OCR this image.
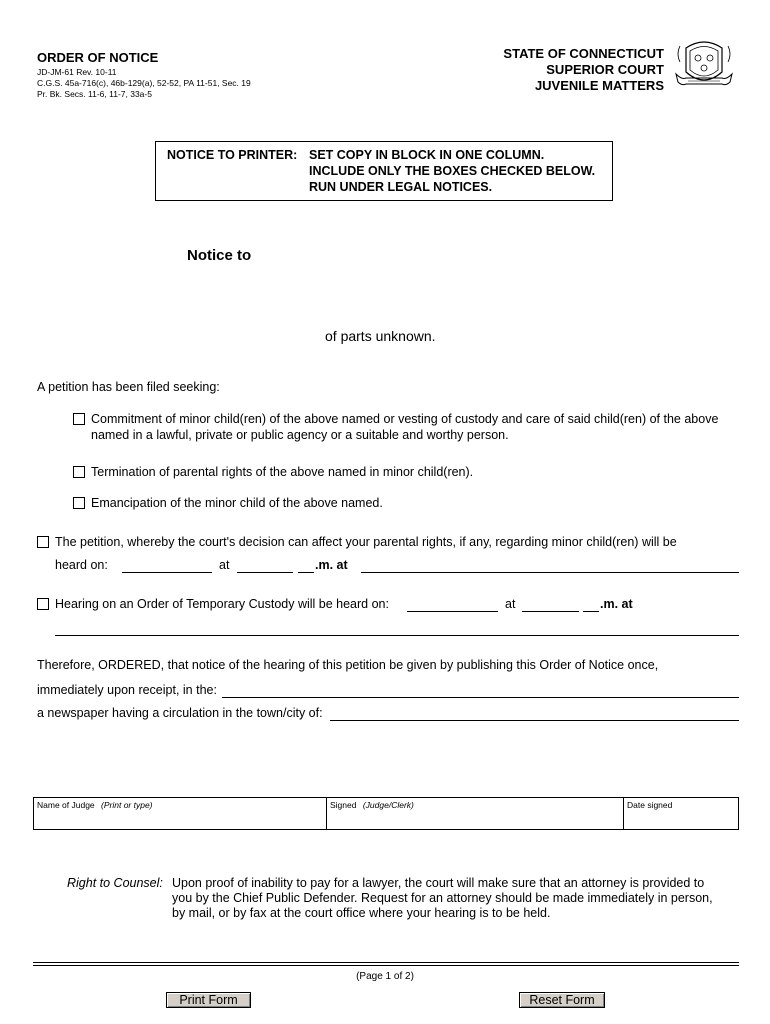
ORDER OF NOTICE
JD-JM-61 Rev. 10-11
C.G.S. 45a-716(c), 46b-129(a), 52-52, PA 11-51, Sec. 19
Pr. Bk. Secs. 11-6, 11-7, 33a-5
STATE OF CONNECTICUT
SUPERIOR COURT
JUVENILE MATTERS
NOTICE TO PRINTER: SET COPY IN BLOCK IN ONE COLUMN.
INCLUDE ONLY THE BOXES CHECKED BELOW.
RUN UNDER LEGAL NOTICES.
Notice to
of parts unknown.
A petition has been filed seeking:
Commitment of minor child(ren) of the above named or vesting of custody and care of said child(ren) of the above
named in a lawful, private or public agency or a suitable and worthy person.
Termination of parental rights of the above named in minor child(ren).
Emancipation of the minor child of the above named.
The petition, whereby the court's decision can affect your parental rights, if any, regarding minor child(ren) will be
heard on:	at	.m. at
Hearing on an Order of Temporary Custody will be heard on:	at	.m. at
Therefore, ORDERED, that notice of the hearing of this petition be given by publishing this Order of Notice once,
immediately upon receipt, in the:
a newspaper having a circulation in the town/city of:
Name of Judge (Print or type)	Signed (Judge/Clerk)	Date signed
Right to Counsel: Upon proof of inability to pay for a lawyer, the court will make sure that an attorney is provided to
you by the Chief Public Defender. Request for an attorney should be made immediately in person,
by mail, or by fax at the court office where your hearing is to be held.
(Page 1 of 2)
Print Form	Reset Form
